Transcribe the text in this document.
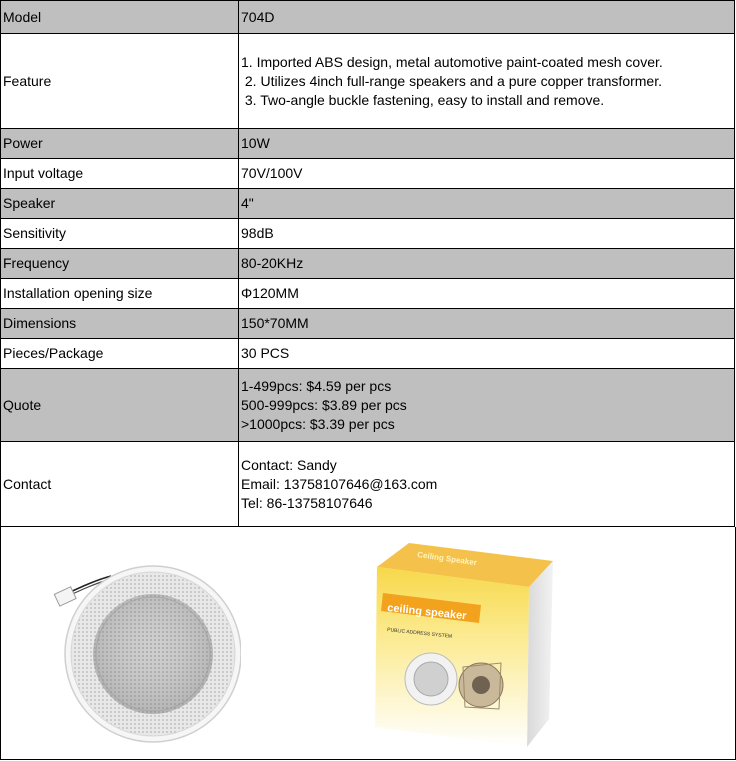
Model	704D
Feature	1. Imported ABS design, metal automotive paint-coated mesh cover.
2. Utilizes 4inch full-range speakers and a pure copper transformer.
3. Two-angle buckle fastening, easy to install and remove.

Power	10W
Input voltage	70V/100V
Speaker	4"
Sensitivity	98dB
Frequency	80-20KHz
Installation opening size	Φ120MM
Dimensions	150*70MM
Pieces/Package	30 PCS
Quote	1-499pcs: $4.59 per pcs
500-999pcs: $3.89 per pcs
>1000pcs: $3.39 per pcs

Contact	Contact: Sandy
Email: 13758107646@163.com
Tel: 86-13758107646
ceiling speaker
PUBLIC ADDRESS SYSTEM
Ceiling Speaker
